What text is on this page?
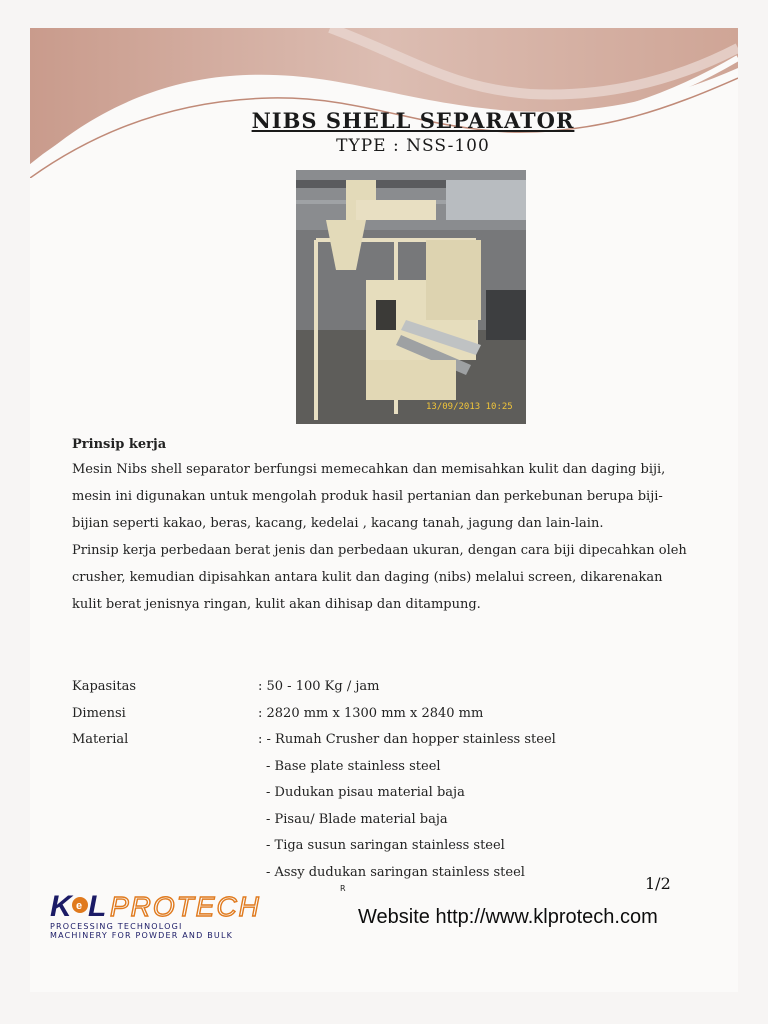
NIBS SHELL SEPARATOR
TYPE : NSS-100
13/09/2013 10:25
Prinsip kerja

Mesin Nibs shell separator berfungsi memecahkan dan memisahkan kulit dan daging biji, mesin ini digunakan untuk mengolah produk hasil pertanian dan perkebunan berupa biji-bijian seperti kakao, beras, kacang, kedelai , kacang tanah, jagung dan lain-lain.

Prinsip kerja perbedaan berat jenis dan perbedaan ukuran, dengan cara biji dipecahkan oleh crusher, kemudian dipisahkan antara kulit dan daging (nibs) melalui screen, dikarenakan kulit berat jenisnya ringan, kulit akan dihisap dan ditampung.

Kapasitas	: 50 - 100 Kg / jam
Dimensi	: 2820 mm x 1300 mm x 2840 mm
Material	: - Rumah Crusher dan hopper stainless steel
- Base plate stainless steel
- Dudukan pisau material baja
- Pisau/ Blade material baja
- Tiga susun saringan stainless steel
- Assy dudukan saringan stainless steel
1/2
K e L PROTECH
R
PROCESSING TECHNOLOGI
MACHINERY FOR POWDER AND BULK
Website http://www.klprotech.com
